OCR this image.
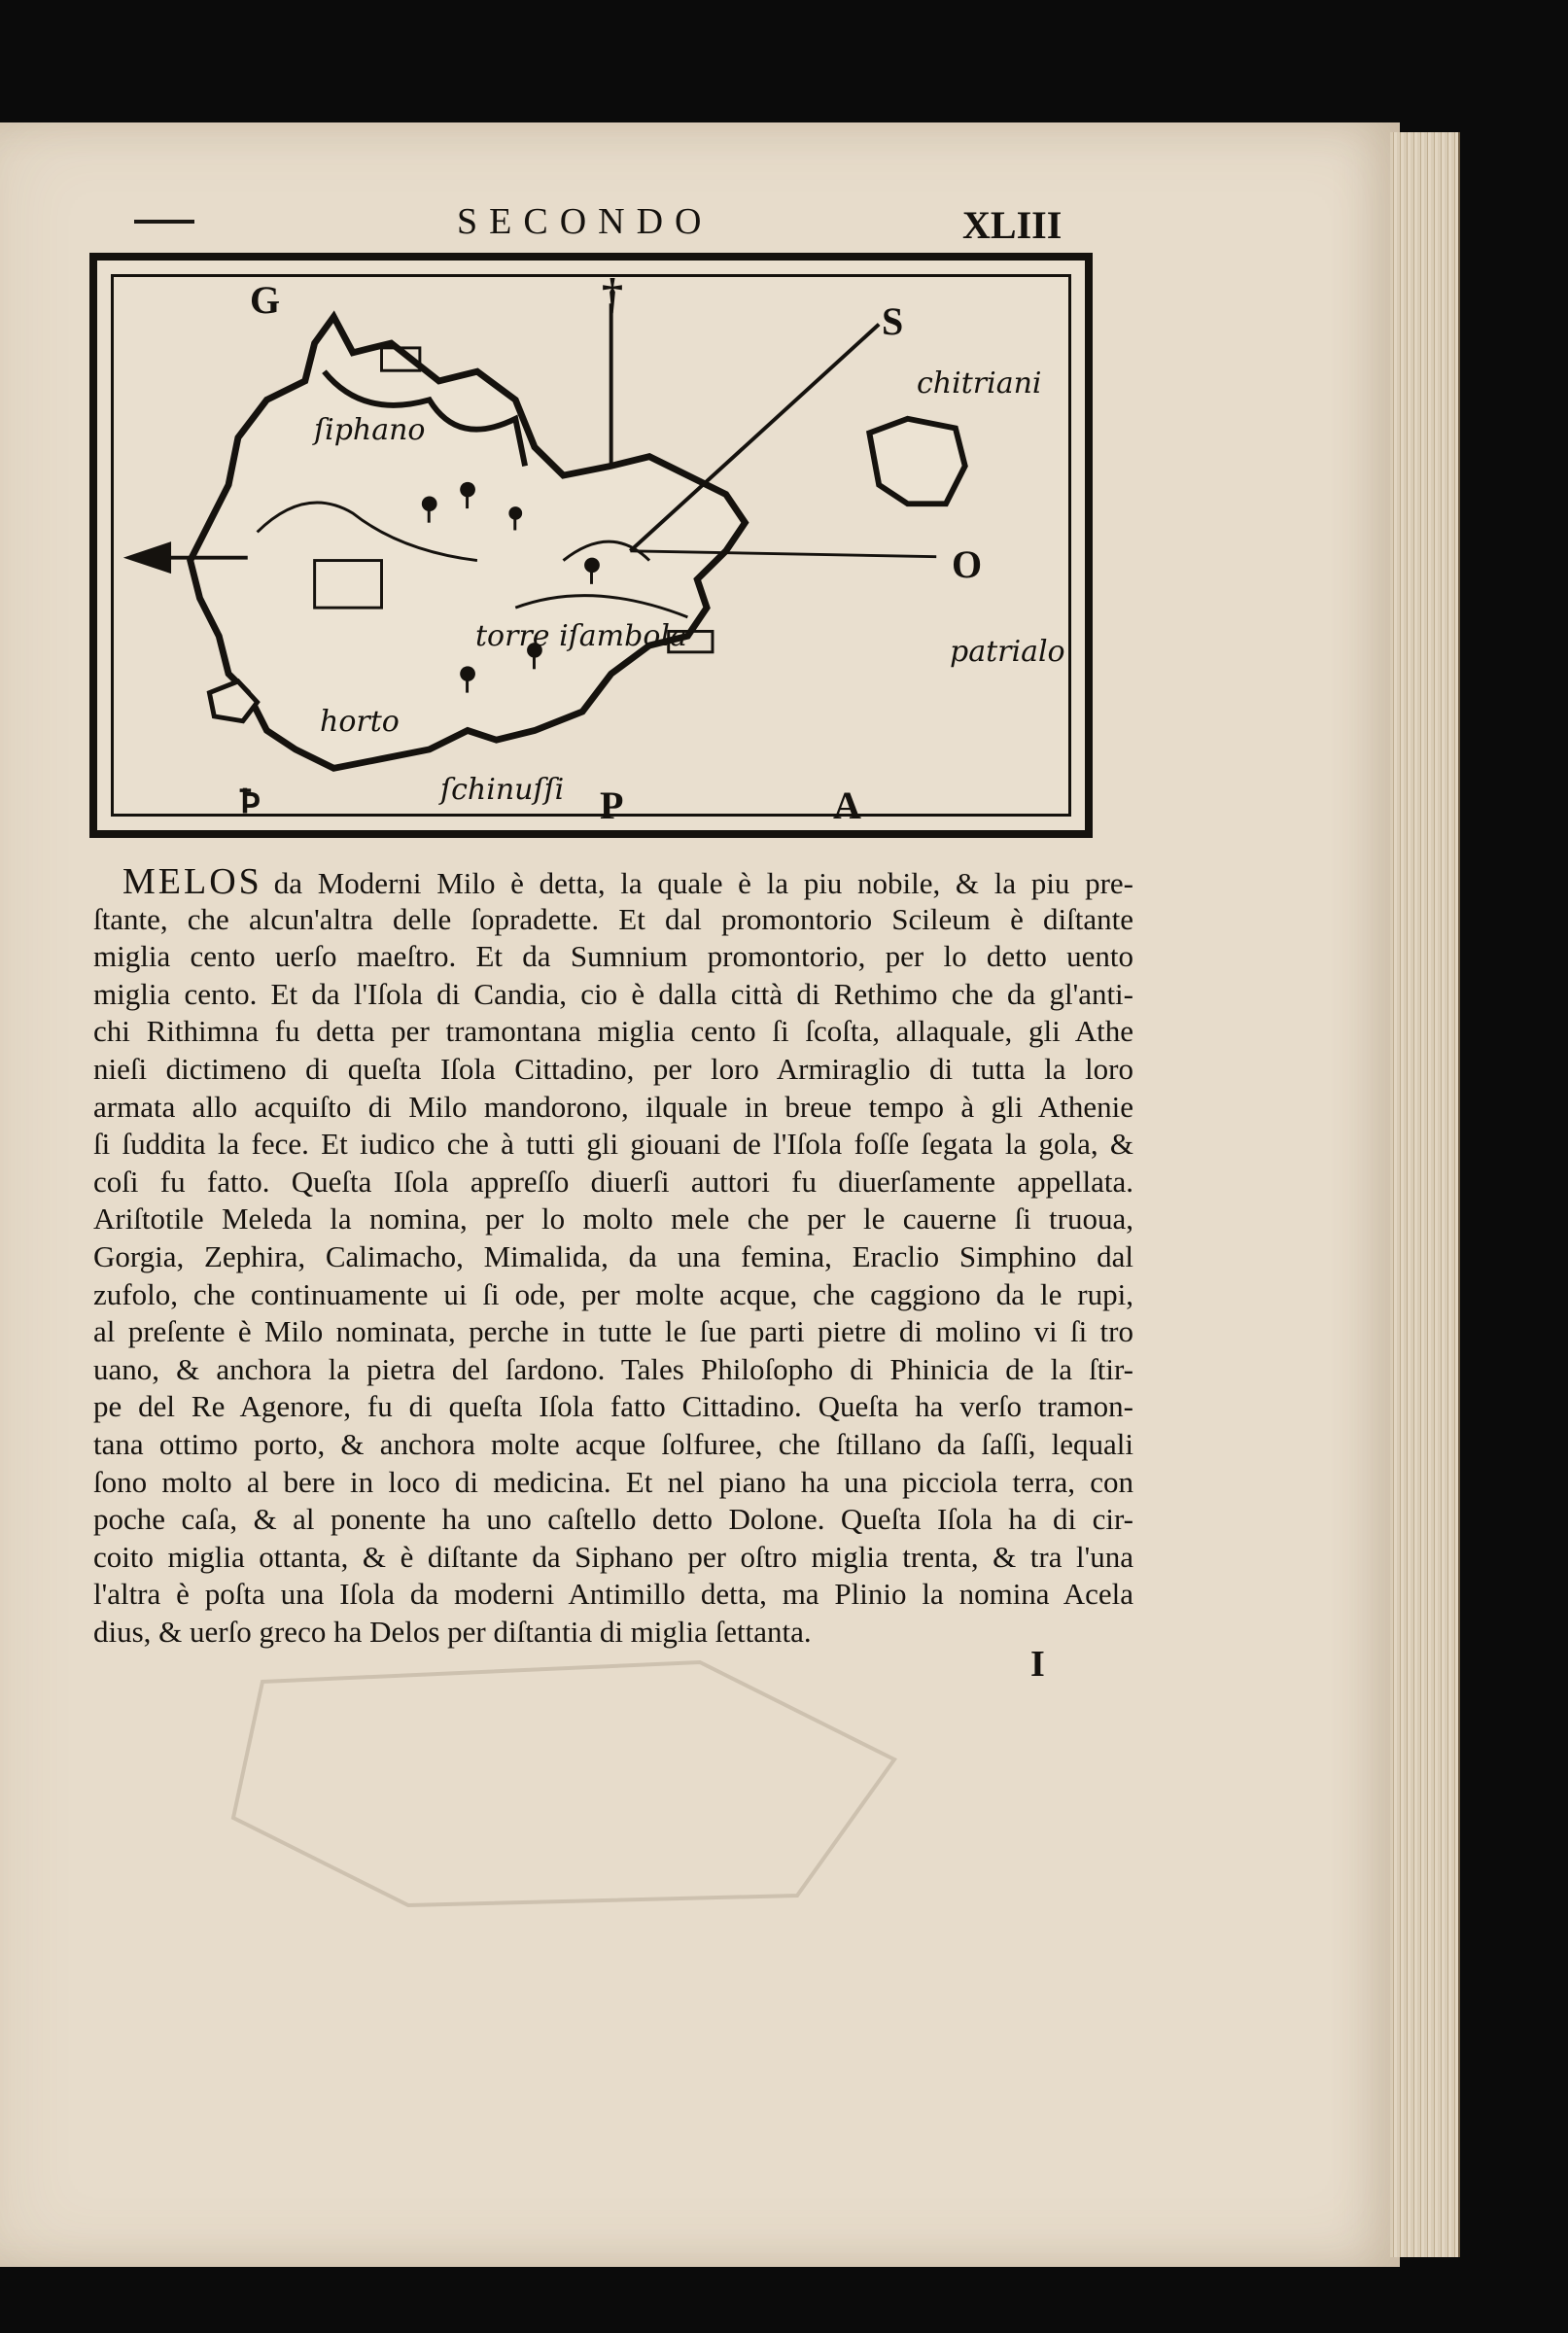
SECONDO	XLIII
G	†
S
O
Ꝥ	P	A
ſiphano
chitriani
torre iſambola	patrialo
horto
ſchinuſſi
MELOS da Moderni Milo è detta, la quale è la piu nobile, & la piu pre-
ſtante, che alcun'altra delle ſopradette. Et dal promontorio Scileum è diſtante
miglia cento uerſo maeſtro. Et da Sumnium promontorio, per lo detto uento
miglia cento. Et da l'Iſola di Candia, cio è dalla città di Rethimo che da gl'anti-
chi Rithimna fu detta per tramontana miglia cento ſi ſcoſta, allaquale, gli Athe
nieſi dictimeno di queſta Iſola Cittadino, per loro Armiraglio di tutta la loro
armata allo acquiſto di Milo mandorono, ilquale in breue tempo à gli Athenie
ſi ſuddita la fece. Et iudico che à tutti gli giouani de l'Iſola foſſe ſegata la gola, &
coſi fu fatto. Queſta Iſola appreſſo diuerſi auttori fu diuerſamente appellata.
Ariſtotile Meleda la nomina, per lo molto mele che per le cauerne ſi truoua,
Gorgia, Zephira, Calimacho, Mimalida, da una femina, Eraclio Simphino dal
zufolo, che continuamente ui ſi ode, per molte acque, che caggiono da le rupi,
al preſente è Milo nominata, perche in tutte le ſue parti pietre di molino vi ſi tro
uano, & anchora la pietra del ſardono. Tales Philoſopho di Phinicia de la ſtir-
pe del Re Agenore, fu di queſta Iſola fatto Cittadino. Queſta ha verſo tramon-
tana ottimo porto, & anchora molte acque ſolfuree, che ſtillano da ſaſſi, lequali
ſono molto al bere in loco di medicina. Et nel piano ha una picciola terra, con
poche caſa, & al ponente ha uno caſtello detto Dolone. Queſta Iſola ha di cir-
coito miglia ottanta, & è diſtante da Siphano per oſtro miglia trenta, & tra l'una
l'altra è poſta una Iſola da moderni Antimillo detta, ma Plinio la nomina Acela
dius, & uerſo greco ha Delos per diſtantia di miglia ſettanta.
I
